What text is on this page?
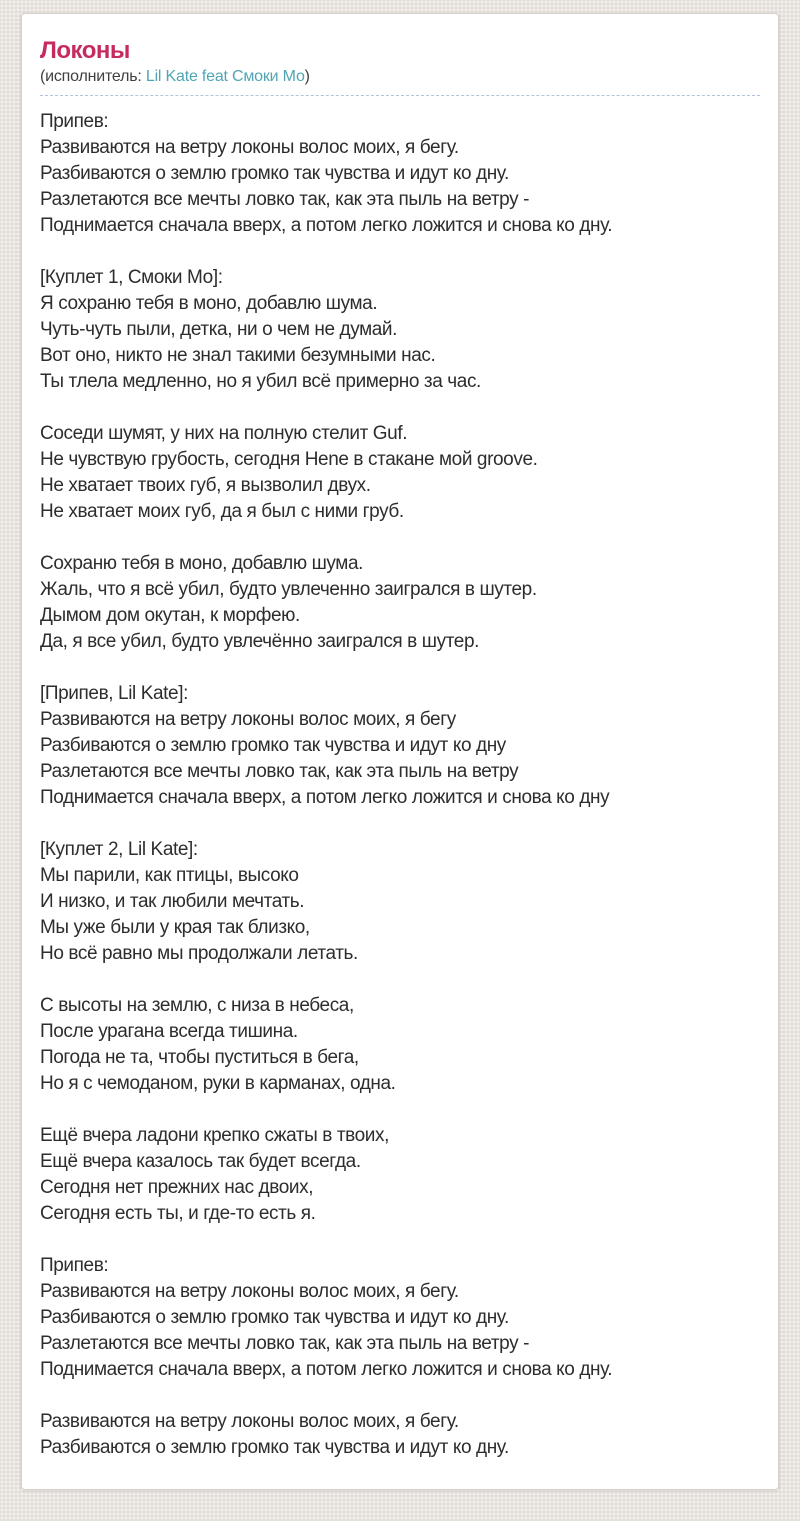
Локоны
(исполнитель: Lil Kate feat Смоки Мо)
Припев:
Развиваются на ветру локоны волос моих, я бегу.
Разбиваются о землю громко так чувства и идут ко дну.
Разлетаются все мечты ловко так, как эта пыль на ветру -
Поднимается сначала вверх, а потом легко ложится и снова ко дну.
[Куплет 1, Смоки Мо]:
Я сохраню тебя в моно, добавлю шума.
Чуть-чуть пыли, детка, ни о чем не думай.
Вот оно, никто не знал такими безумными нас.
Ты тлела медленно, но я убил всё примерно за час.
Соседи шумят, у них на полную стелит Guf.
Не чувствую грубость, сегодня Hene в стакане мой groove.
Не хватает твоих губ, я вызволил двух.
Не хватает моих губ, да я был с ними груб.
Сохраню тебя в моно, добавлю шума.
Жаль, что я всё убил, будто увлеченно заигрался в шутер.
Дымом дом окутан, к морфею.
Да, я все убил, будто увлечённо заигрался в шутер.
[Припев, Lil Kate]:
Развиваются на ветру локоны волос моих, я бегу
Разбиваются о землю громко так чувства и идут ко дну
Разлетаются все мечты ловко так, как эта пыль на ветру
Поднимается сначала вверх, а потом легко ложится и снова ко дну
[Куплет 2, Lil Kate]:
Мы парили, как птицы, высоко
И низко, и так любили мечтать.
Мы уже были у края так близко,
Но всё равно мы продолжали летать.
С высоты на землю, с низа в небеса,
После урагана всегда тишина.
Погода не та, чтобы пуститься в бега,
Но я с чемоданом, руки в карманах, одна.
Ещё вчера ладони крепко сжаты в твоих,
Ещё вчера казалось так будет всегда.
Сегодня нет прежних нас двоих,
Сегодня есть ты, и где-то есть я.
Припев:
Развиваются на ветру локоны волос моих, я бегу.
Разбиваются о землю громко так чувства и идут ко дну.
Разлетаются все мечты ловко так, как эта пыль на ветру -
Поднимается сначала вверх, а потом легко ложится и снова ко дну.
Развиваются на ветру локоны волос моих, я бегу.
Разбиваются о землю громко так чувства и идут ко дну.
